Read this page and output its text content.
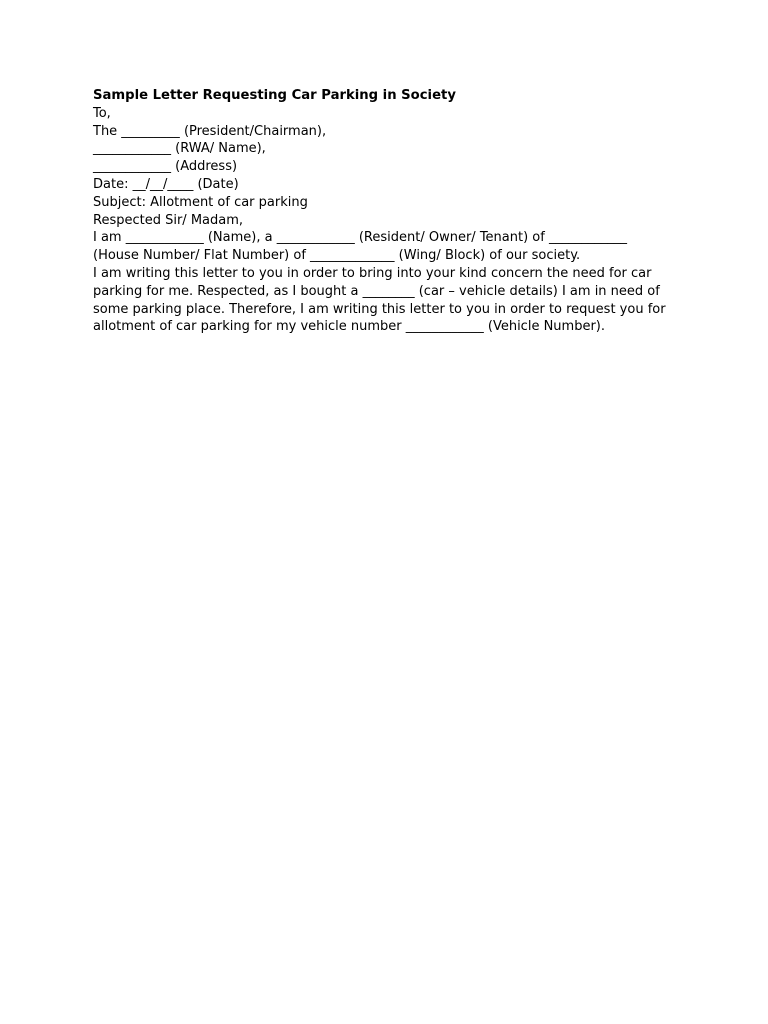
Sample Letter Requesting Car Parking in Society

To,

The _________ (President/Chairman),

____________ (RWA/ Name),

____________ (Address)

Date: __/__/____ (Date)

Subject: Allotment of car parking

Respected Sir/ Madam,

I am ____________ (Name), a ____________ (Resident/ Owner/ Tenant) of ____________

(House Number/ Flat Number) of _____________ (Wing/ Block) of our society.

I am writing this letter to you in order to bring into your kind concern the need for car parking for me. Respected, as I bought a ________ (car – vehicle details) I am in need of some parking place. Therefore, I am writing this letter to you in order to request you for allotment of car parking for my vehicle number ____________ (Vehicle Number).
